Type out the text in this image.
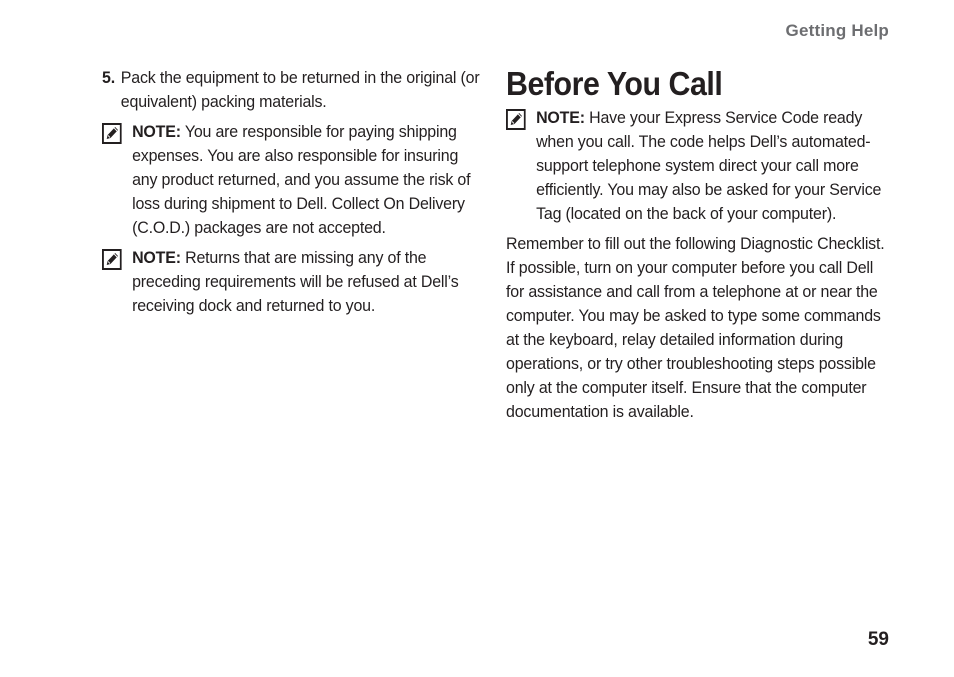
Getting Help
5. Pack the equipment to be returned in the original (or equivalent) packing materials.
NOTE: You are responsible for paying shipping expenses. You are also responsible for insuring any product returned, and you assume the risk of loss during shipment to Dell. Collect On Delivery (C.O.D.) packages are not accepted.
NOTE: Returns that are missing any of the preceding requirements will be refused at Dell’s receiving dock and returned to you.
Before You Call
NOTE: Have your Express Service Code ready when you call. The code helps Dell’s automated-support telephone system direct your call more efficiently. You may also be asked for your Service Tag (located on the back of your computer).

Remember to fill out the following Diagnostic Checklist. If possible, turn on your computer before you call Dell for assistance and call from a telephone at or near the computer. You may be asked to type some commands at the keyboard, relay detailed information during operations, or try other troubleshooting steps possible only at the computer itself. Ensure that the computer documentation is available.

59
